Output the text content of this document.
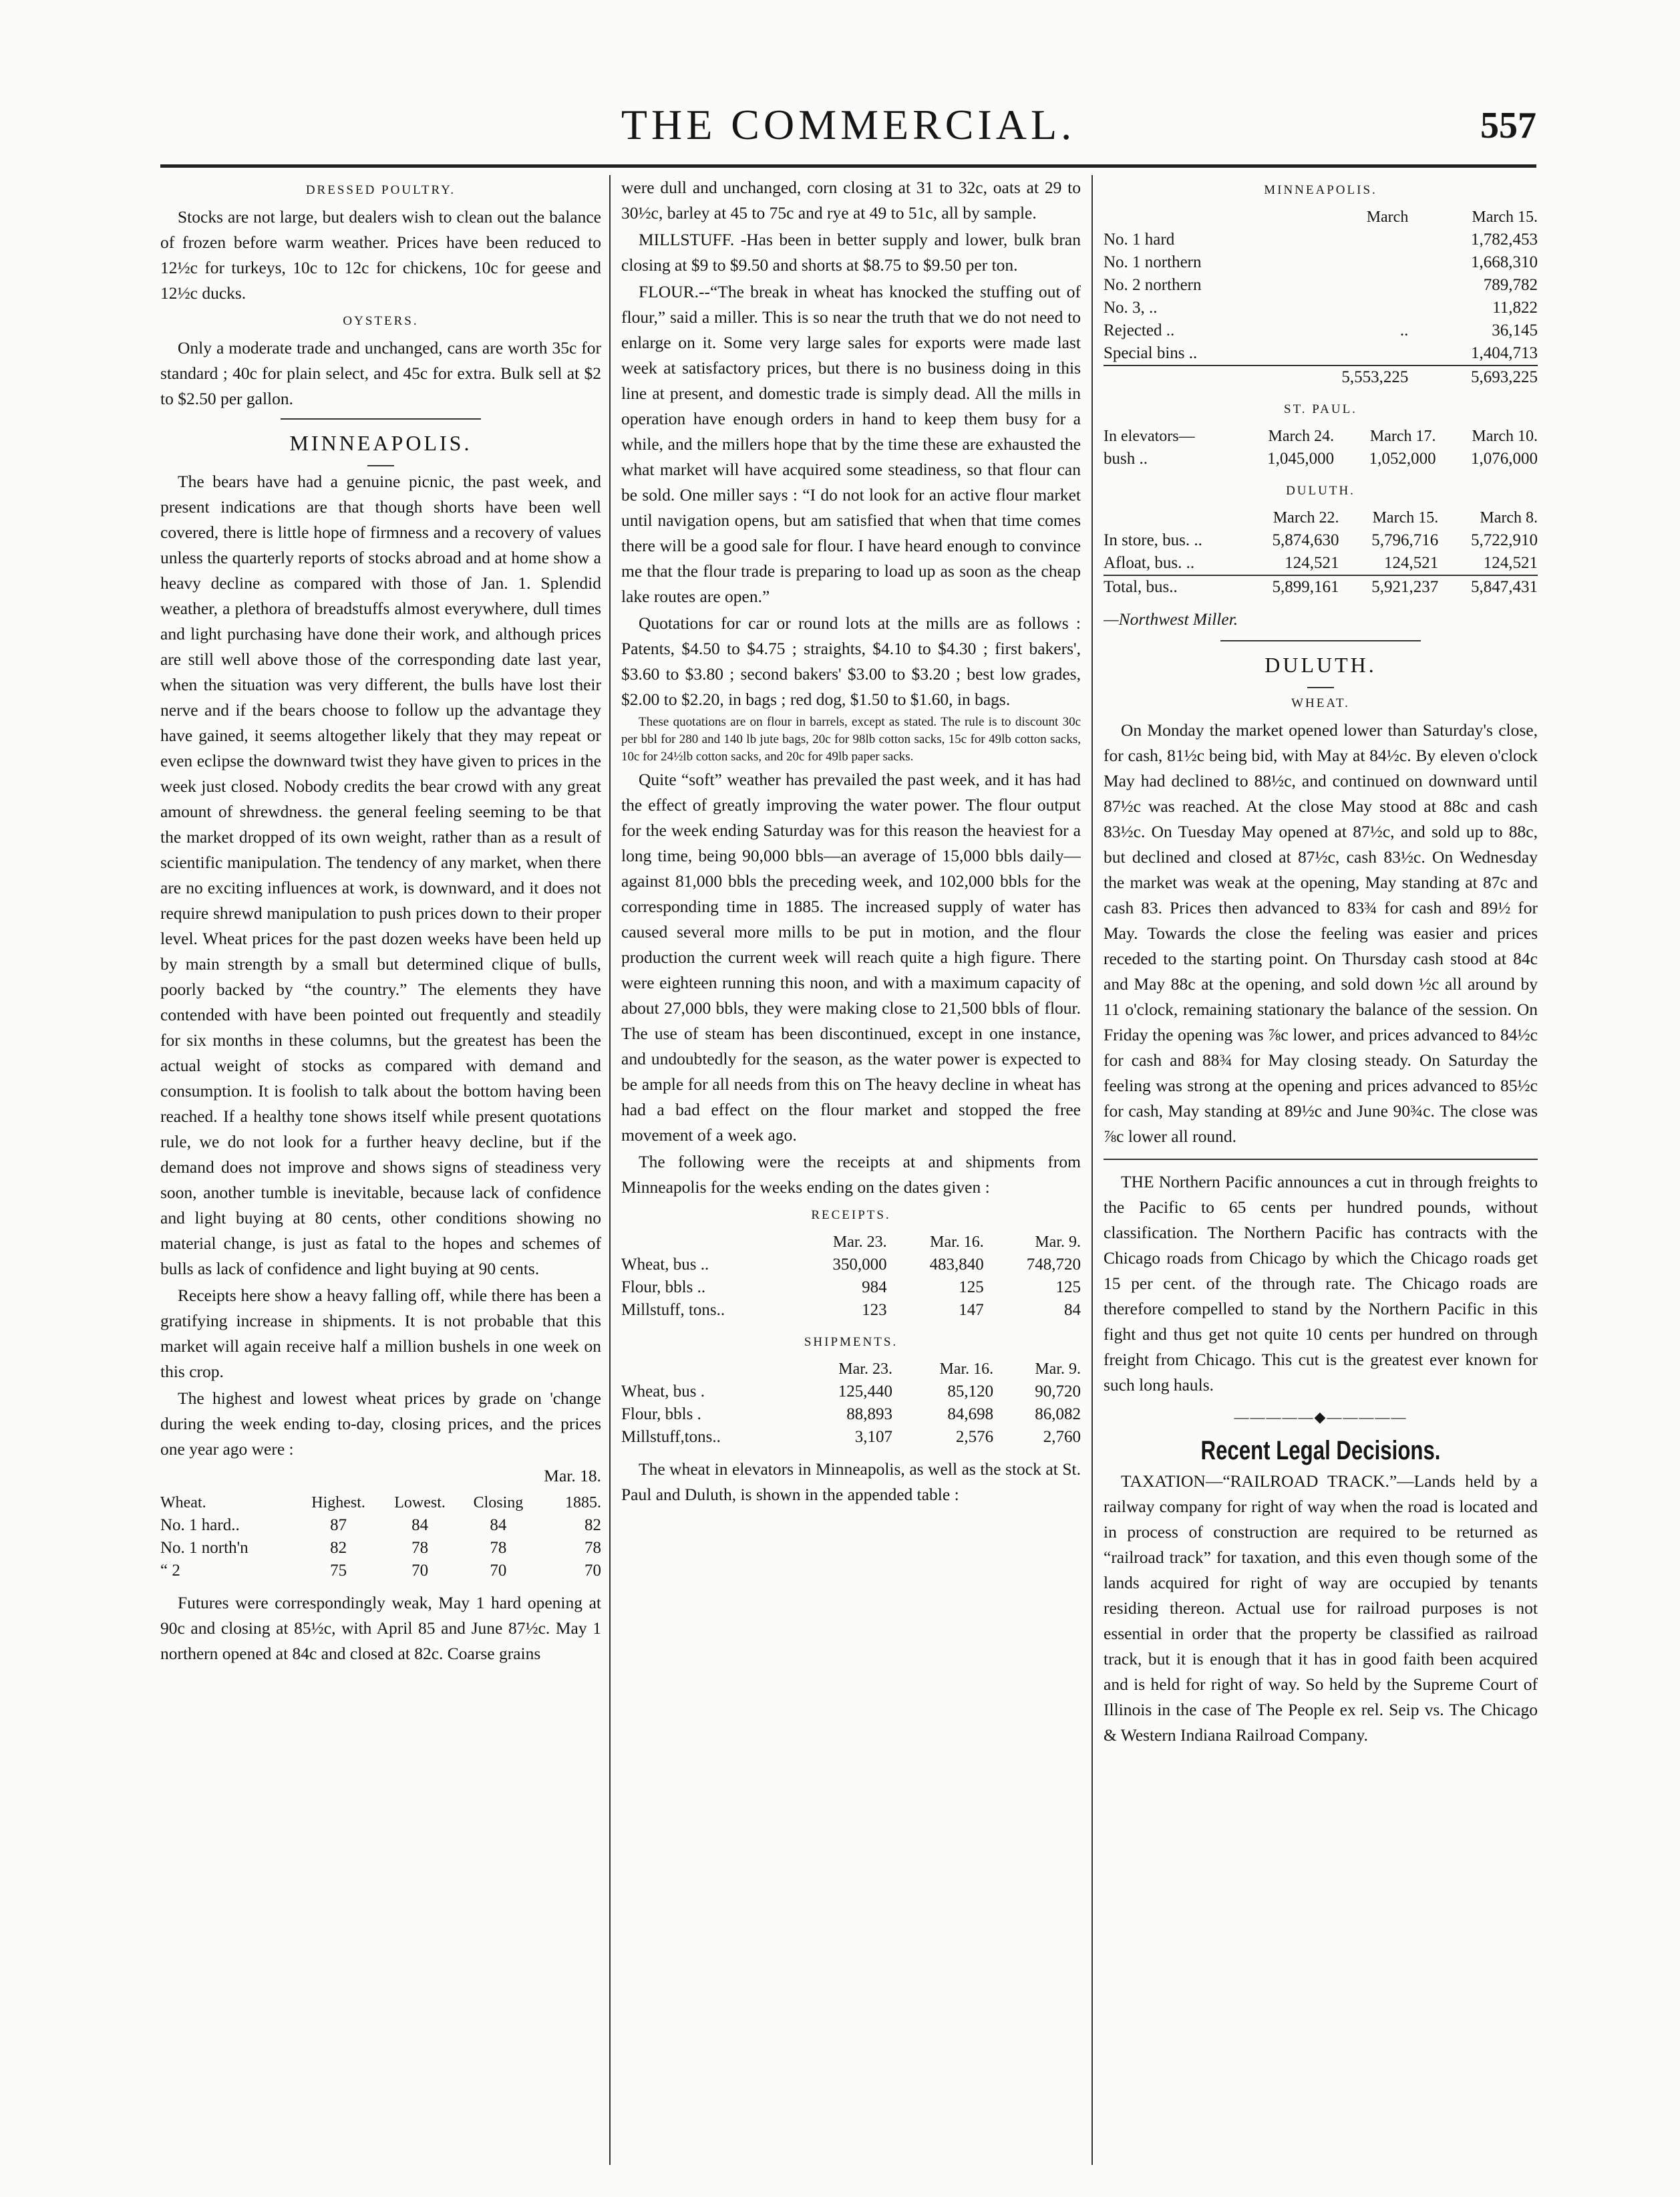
THE COMMERCIAL.	557
DRESSED POULTRY.

Stocks are not large, but dealers wish to clean out the balance of frozen before warm weather. Prices have been reduced to 12½c for turkeys, 10c to 12c for chickens, 10c for geese and 12½c ducks.

OYSTERS.

Only a moderate trade and unchanged, cans are worth 35c for standard ; 40c for plain select, and 45c for extra. Bulk sell at $2 to $2.50 per gallon.

MINNEAPOLIS.

The bears have had a genuine picnic, the past week, and present indications are that though shorts have been well covered, there is little hope of firmness and a recovery of values unless the quarterly reports of stocks abroad and at home show a heavy decline as compared with those of Jan. 1. Splendid weather, a plethora of breadstuffs almost everywhere, dull times and light purchasing have done their work, and although prices are still well above those of the corresponding date last year, when the situation was very different, the bulls have lost their nerve and if the bears choose to follow up the advantage they have gained, it seems altogether likely that they may repeat or even eclipse the downward twist they have given to prices in the week just closed. Nobody credits the bear crowd with any great amount of shrewdness. the general feeling seeming to be that the market dropped of its own weight, rather than as a result of scientific manipulation. The tendency of any market, when there are no exciting influences at work, is downward, and it does not require shrewd manipulation to push prices down to their proper level. Wheat prices for the past dozen weeks have been held up by main strength by a small but determined clique of bulls, poorly backed by “the country.” The elements they have contended with have been pointed out frequently and steadily for six months in these columns, but the greatest has been the actual weight of stocks as compared with demand and consumption. It is foolish to talk about the bottom having been reached. If a healthy tone shows itself while present quotations rule, we do not look for a further heavy decline, but if the demand does not improve and shows signs of steadiness very soon, another tumble is inevitable, because lack of confidence and light buying at 80 cents, other conditions showing no material change, is just as fatal to the hopes and schemes of bulls as lack of confidence and light buying at 90 cents.

Receipts here show a heavy falling off, while there has been a gratifying increase in shipments. It is not probable that this market will again receive half a million bushels in one week on this crop.

The highest and lowest wheat prices by grade on 'change during the week ending to-day, closing prices, and the prices one year ago were :

Mar. 18.
Wheat.	Highest.	Lowest.	Closing	1885.
No. 1 hard..	87	84	84	82
No. 1 north'n	82	78	78	78
“ 2	75	70	70	70

Futures were correspondingly weak, May 1 hard opening at 90c and closing at 85½c, with April 85 and June 87½c. May 1 northern opened at 84c and closed at 82c. Coarse grains

were dull and unchanged, corn closing at 31 to 32c, oats at 29 to 30½c, barley at 45 to 75c and rye at 49 to 51c, all by sample.

MILLSTUFF. -Has been in better supply and lower, bulk bran closing at $9 to $9.50 and shorts at $8.75 to $9.50 per ton.

FLOUR.--“The break in wheat has knocked the stuffing out of flour,” said a miller. This is so near the truth that we do not need to enlarge on it. Some very large sales for exports were made last week at satisfactory prices, but there is no business doing in this line at present, and domestic trade is simply dead. All the mills in operation have enough orders in hand to keep them busy for a while, and the millers hope that by the time these are exhausted the what market will have acquired some steadiness, so that flour can be sold. One miller says : “I do not look for an active flour market until navigation opens, but am satisfied that when that time comes there will be a good sale for flour. I have heard enough to convince me that the flour trade is preparing to load up as soon as the cheap lake routes are open.”

Quotations for car or round lots at the mills are as follows : Patents, $4.50 to $4.75 ; straights, $4.10 to $4.30 ; first bakers', $3.60 to $3.80 ; second bakers' $3.00 to $3.20 ; best low grades, $2.00 to $2.20, in bags ; red dog, $1.50 to $1.60, in bags.

These quotations are on flour in barrels, except as stated. The rule is to discount 30c per bbl for 280 and 140 lb jute bags, 20c for 98lb cotton sacks, 15c for 49lb cotton sacks, 10c for 24½lb cotton sacks, and 20c for 49lb paper sacks.

Quite “soft” weather has prevailed the past week, and it has had the effect of greatly improving the water power. The flour output for the week ending Saturday was for this reason the heaviest for a long time, being 90,000 bbls—an average of 15,000 bbls daily—against 81,000 bbls the preceding week, and 102,000 bbls for the corresponding time in 1885. The increased supply of water has caused several more mills to be put in motion, and the flour production the current week will reach quite a high figure. There were eighteen running this noon, and with a maximum capacity of about 27,000 bbls, they were making close to 21,500 bbls of flour. The use of steam has been discontinued, except in one instance, and undoubtedly for the season, as the water power is expected to be ample for all needs from this on The heavy decline in wheat has had a bad effect on the flour market and stopped the free movement of a week ago.

The following were the receipts at and shipments from Minneapolis for the weeks ending on the dates given :

RECEIPTS.
	Mar. 23.	Mar. 16.	Mar. 9.
Wheat, bus ..	350,000	483,840	748,720
Flour, bbls ..	984	125	125
Millstuff, tons..	123	147	84
SHIPMENTS.
	Mar. 23.	Mar. 16.	Mar. 9.
Wheat, bus .	125,440	85,120	90,720
Flour, bbls .	88,893	84,698	86,082
Millstuff,tons..	3,107	2,576	2,760

The wheat in elevators in Minneapolis, as well as the stock at St. Paul and Duluth, is shown in the appended table :

MINNEAPOLIS.
	March	March 15.
No. 1 hard		1,782,453
No. 1 northern		1,668,310
No. 2 northern		789,782
No. 3, ..		11,822
Rejected ..	..	36,145
Special bins ..		1,404,713
	5,553,225	5,693,225
ST. PAUL.
In elevators—	March 24.	March 17.	March 10.
bush ..	1,045,000	1,052,000	1,076,000
DULUTH.
	March 22.	March 15.	March 8.
In store, bus. ..	5,874,630	5,796,716	5,722,910
Afloat, bus. ..	124,521	124,521	124,521
Total, bus..	5,899,161	5,921,237	5,847,431
—Northwest Miller.
DULUTH.
WHEAT.

On Monday the market opened lower than Saturday's close, for cash, 81½c being bid, with May at 84½c. By eleven o'clock May had declined to 88½c, and continued on downward until 87½c was reached. At the close May stood at 88c and cash 83½c. On Tuesday May opened at 87½c, and sold up to 88c, but declined and closed at 87½c, cash 83½c. On Wednesday the market was weak at the opening, May standing at 87c and cash 83. Prices then advanced to 83¾ for cash and 89½ for May. Towards the close the feeling was easier and prices receded to the starting point. On Thursday cash stood at 84c and May 88c at the opening, and sold down ½c all around by 11 o'clock, remaining stationary the balance of the session. On Friday the opening was ⅞c lower, and prices advanced to 84½c for cash and 88¾ for May closing steady. On Saturday the feeling was strong at the opening and prices advanced to 85½c for cash, May standing at 89½c and June 90¾c. The close was ⅞c lower all round.

THE Northern Pacific announces a cut in through freights to the Pacific to 65 cents per hundred pounds, without classification. The Northern Pacific has contracts with the Chicago roads from Chicago by which the Chicago roads get 15 per cent. of the through rate. The Chicago roads are therefore compelled to stand by the Northern Pacific in this fight and thus get not quite 10 cents per hundred on through freight from Chicago. This cut is the greatest ever known for such long hauls.

—————◆—————
Recent Legal Decisions.

TAXATION—“RAILROAD TRACK.”—Lands held by a railway company for right of way when the road is located and in process of construction are required to be returned as “railroad track” for taxation, and this even though some of the lands acquired for right of way are occupied by tenants residing thereon. Actual use for railroad purposes is not essential in order that the property be classified as railroad track, but it is enough that it has in good faith been acquired and is held for right of way. So held by the Supreme Court of Illinois in the case of The People ex rel. Seip vs. The Chicago & Western Indiana Railroad Company.
